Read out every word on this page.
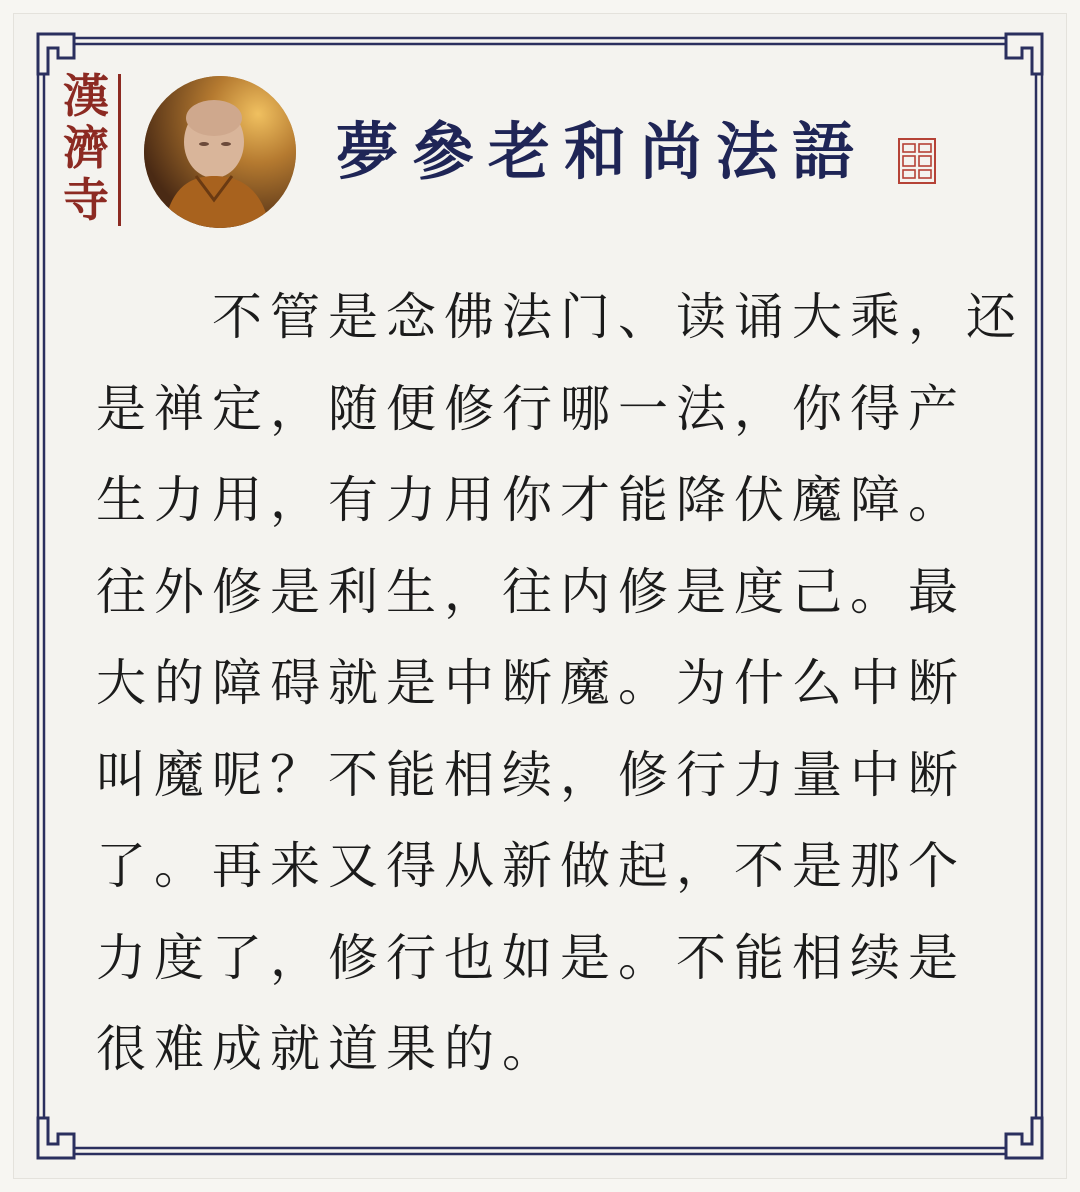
漢濟寺
夢參老和尚法語
　　不管是念佛法门、读诵大乘，还
是禅定，随便修行哪一法，你得产
生力用，有力用你才能降伏魔障。
往外修是利生，往内修是度己。最
大的障碍就是中断魔。为什么中断
叫魔呢？不能相续，修行力量中断
了。再来又得从新做起，不是那个
力度了，修行也如是。不能相续是
很难成就道果的。
